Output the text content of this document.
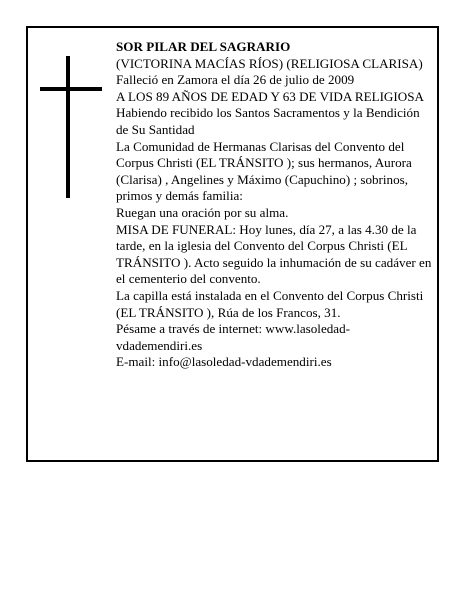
SOR PILAR DEL SAGRARIO

(VICTORINA MACÍAS RÍOS) (RELIGIOSA CLARISA)

Falleció en Zamora el día 26 de julio de 2009

A LOS 89 AÑOS DE EDAD Y 63 DE VIDA RELIGIOSA

Habiendo recibido los Santos Sacramentos y la Bendición de Su Santidad

La Comunidad de Hermanas Clarisas del Convento del Corpus Christi (EL TRÁNSITO ); sus hermanos, Aurora (Clarisa) , Angelines y Máximo (Capuchino) ; sobrinos, primos y demás familia:

Ruegan una oración por su alma.

MISA DE FUNERAL: Hoy lunes, día 27, a las 4.30 de la tarde, en la iglesia del Convento del Corpus Christi (EL TRÁNSITO ). Acto seguido la inhumación de su cadáver en el cementerio del convento.

La capilla está instalada en el Convento del Corpus Christi (EL TRÁNSITO ), Rúa de los Francos, 31.

Pésame a través de internet: www.lasoledad-vdademendiri.es

E-mail: info@lasoledad-vdademendiri.es
